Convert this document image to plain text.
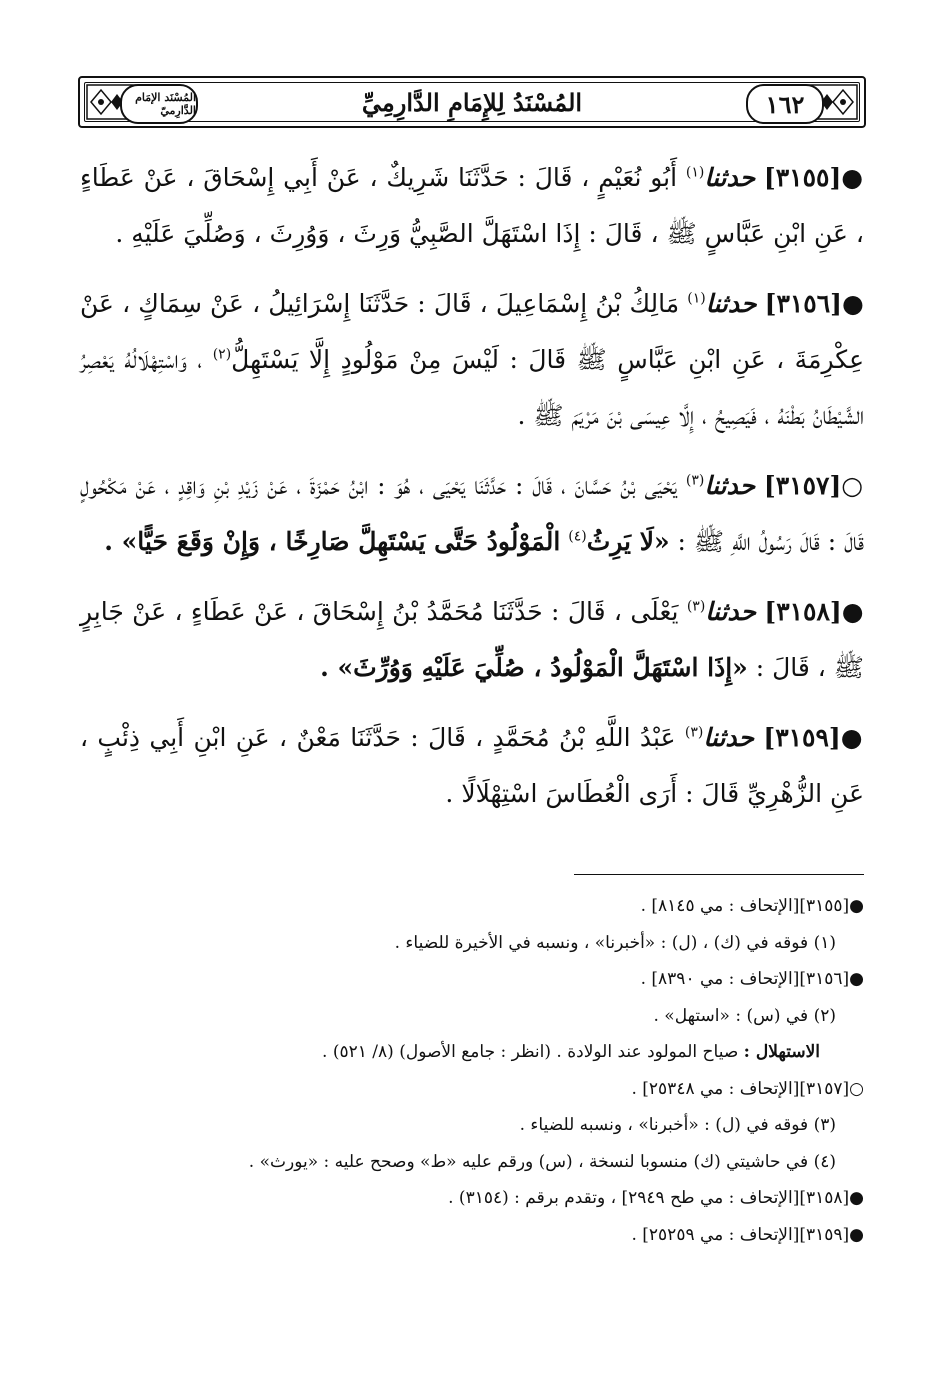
المُسْنَد الإمَام الدَّارِميّ	المُسْنَدُ لِلإِمَامِ الدَّارِمِيِّ	١٦٢
●[٣١٥٥] حدثنا$^{(١)}$ أَبُو نُعَيْمٍ ، قَالَ : حَدَّثَنَا شَرِيكٌ ، عَنْ أَبِي إِسْحَاقَ ، عَنْ عَطَاءٍ ، عَنِ ابْنِ عَبَّاسٍ ﷺ ، قَالَ : إِذَا اسْتَهَلَّ الصَّبِيُّ وَرِثَ ، وَوُرِثَ ، وَصُلِّيَ عَلَيْهِ .
●[٣١٥٦] حدثنا$^{(١)}$ مَالِكُ بْنُ إِسْمَاعِيلَ ، قَالَ : حَدَّثَنَا إِسْرَائِيلُ ، عَنْ سِمَاكٍ ، عَنْ عِكْرِمَةَ ، عَنِ ابْنِ عَبَّاسٍ ﷺ قَالَ : لَيْسَ مِنْ مَوْلُودٍ إِلَّا يَسْتَهِلُّ$^{(٢)}$ ، وَاسْتِهْلَالُهُ يَعْصِرُ الشَّيْطَانُ بَطْنَهُ ، فَيَصِيحُ ، إِلَّا عِيسَى بْنَ مَرْيَمَ ﷺ .
○[٣١٥٧] حدثنا$^{(٣)}$ يَحْيَى بْنُ حَسَّانَ ، قَالَ : حَدَّثَنَا يَحْيَى ، هُوَ : ابْنُ حَمْزَةَ ، عَنْ زَيْدِ بْنِ وَاقِدٍ ، عَنْ مَكْحُولٍ قَالَ : قَالَ رَسُولُ اللَّهِ ﷺ : «لَا يَرِثُ$^{(٤)}$ الْمَوْلُودُ حَتَّى يَسْتَهِلَّ صَارِخًا ، وَإِنْ وَقَعَ حَيًّا» .
●[٣١٥٨] حدثنا$^{(٣)}$ يَعْلَى ، قَالَ : حَدَّثَنَا مُحَمَّدُ بْنُ إِسْحَاقَ ، عَنْ عَطَاءٍ ، عَنْ جَابِرٍ ﷺ ، قَالَ : «إِذَا اسْتَهَلَّ الْمَوْلُودُ ، صُلِّيَ عَلَيْهِ وَوُرِّثَ» .
●[٣١٥٩] حدثنا$^{(٣)}$ عَبْدُ اللَّهِ بْنُ مُحَمَّدٍ ، قَالَ : حَدَّثَنَا مَعْنٌ ، عَنِ ابْنِ أَبِي ذِئْبٍ ، عَنِ الزُّهْرِيِّ قَالَ : أَرَى الْعُطَاسَ اسْتِهْلَالًا .
●[٣١٥٥][الإتحاف : مي ٨١٤٥] .
(١) فوقه في (ك) ، (ل) : «أخبرنا» ، ونسبه في الأخيرة للضياء .
●[٣١٥٦][الإتحاف : مي ٨٣٩٠] .
(٢) في (س) : «استهل» .
الاستهلال : صياح المولود عند الولادة . (انظر : جامع الأصول) (٨/ ٥٢١) .
○[٣١٥٧][الإتحاف : مي ٢٥٣٤٨] .
(٣) فوقه في (ل) : «أخبرنا» ، ونسبه للضياء .
(٤) في حاشيتي (ك) منسوبا لنسخة ، (س) ورقم عليه «ط» وصحح عليه : «يورث» .
●[٣١٥٨][الإتحاف : مي طح ٢٩٤٩] ، وتقدم برقم : (٣١٥٤) .
●[٣١٥٩][الإتحاف : مي ٢٥٢٥٩] .
